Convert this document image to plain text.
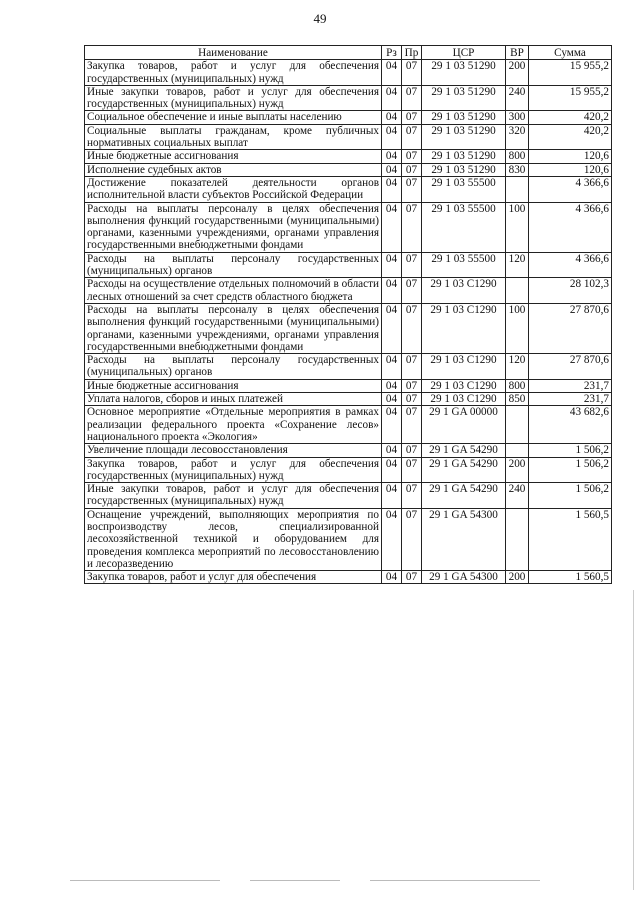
49
Наименование	Рз	Пр	ЦСР	ВР	Сумма
Закупка товаров, работ и услуг для обеспечения государственных (муниципальных) нужд	04	07	29 1 03 51290	200	15 955,2
Иные закупки товаров, работ и услуг для обеспечения государственных (муниципальных) нужд	04	07	29 1 03 51290	240	15 955,2
Социальное обеспечение и иные выплаты населению	04	07	29 1 03 51290	300	420,2
Социальные выплаты гражданам, кроме публичных нормативных социальных выплат	04	07	29 1 03 51290	320	420,2
Иные бюджетные ассигнования	04	07	29 1 03 51290	800	120,6
Исполнение судебных актов	04	07	29 1 03 51290	830	120,6
Достижение показателей деятельности органов исполнительной власти субъектов Российской Федерации	04	07	29 1 03 55500		4 366,6
Расходы на выплаты персоналу в целях обеспечения выполнения функций государственными (муниципальными) органами, казенными учреждениями, органами управления государственными внебюджетными фондами	04	07	29 1 03 55500	100	4 366,6
Расходы на выплаты персоналу государственных (муниципальных) органов	04	07	29 1 03 55500	120	4 366,6
Расходы на осуществление отдельных полномочий в области лесных отношений за счет средств областного бюджета	04	07	29 1 03 С1290		28 102,3
Расходы на выплаты персоналу в целях обеспечения выполнения функций государственными (муниципальными) органами, казенными учреждениями, органами управления государственными внебюджетными фондами	04	07	29 1 03 С1290	100	27 870,6
Расходы на выплаты персоналу государственных (муниципальных) органов	04	07	29 1 03 С1290	120	27 870,6
Иные бюджетные ассигнования	04	07	29 1 03 С1290	800	231,7
Уплата налогов, сборов и иных платежей	04	07	29 1 03 С1290	850	231,7
Основное мероприятие «Отдельные мероприятия в рамках реализации федерального проекта «Сохранение лесов» национального проекта «Экология»	04	07	29 1 GA 00000		43 682,6
Увеличение площади лесовосстановления	04	07	29 1 GA 54290		1 506,2
Закупка товаров, работ и услуг для обеспечения государственных (муниципальных) нужд	04	07	29 1 GA 54290	200	1 506,2
Иные закупки товаров, работ и услуг для обеспечения государственных (муниципальных) нужд	04	07	29 1 GA 54290	240	1 506,2
Оснащение учреждений, выполняющих мероприятия по воспроизводству лесов, специализированной лесохозяйственной техникой и оборудованием для проведения комплекса мероприятий по лесовосстановлению и лесоразведению	04	07	29 1 GA 54300		1 560,5
Закупка товаров, работ и услуг для обеспечения	04	07	29 1 GA 54300	200	1 560,5
